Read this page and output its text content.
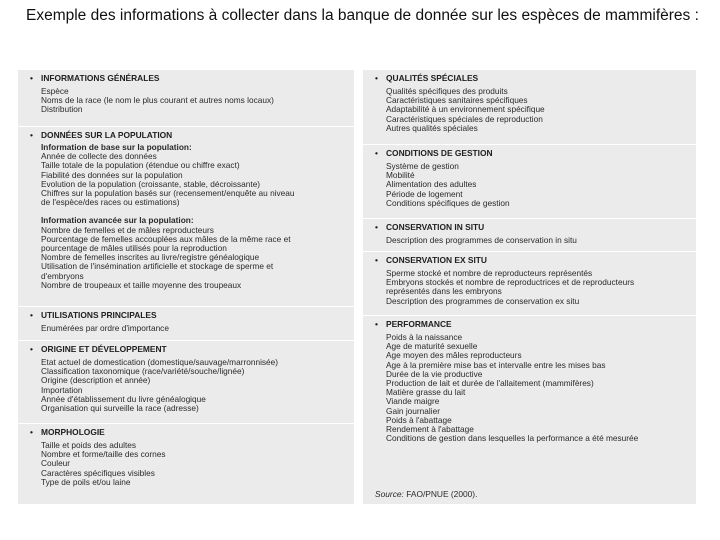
Exemple des informations à collecter dans la banque de donnée sur les espèces de mammifères :
• INFORMATIONS GÉNÉRALES
Espèce
Noms de la race (le nom le plus courant et autres noms locaux)
Distribution
• DONNÉES SUR LA POPULATION
Information de base sur la population:
Année de collecte des données
Taille totale de la population (étendue ou chiffre exact)
Fiabilité des données sur la population
Evolution de la population (croissante, stable, décroissante)
Chiffres sur la population basés sur (recensement/enquête au niveau
de l'espèce/des races ou estimations)
Information avancée sur la population:
Nombre de femelles et de mâles reproducteurs
Pourcentage de femelles accouplées aux mâles de la même race et
pourcentage de mâles utilisés pour la reproduction
Nombre de femelles inscrites au livre/registre généalogique
Utilisation de l'insémination artificielle et stockage de sperme et
d'embryons
Nombre de troupeaux et taille moyenne des troupeaux
• UTILISATIONS PRINCIPALES
Enumérées par ordre d'importance
• ORIGINE ET DÉVELOPPEMENT
Etat actuel de domestication (domestique/sauvage/marronnisée)
Classification taxonomique (race/variété/souche/lignée)
Origine (description et année)
Importation
Année d'établissement du livre généalogique
Organisation qui surveille la race (adresse)
• MORPHOLOGIE
Taille et poids des adultes
Nombre et forme/taille des cornes
Couleur
Caractères spécifiques visibles
Type de poils et/ou laine
• QUALITÉS SPÉCIALES
Qualités spécifiques des produits
Caractéristiques sanitaires spécifiques
Adaptabilité à un environnement spécifique
Caractéristiques spéciales de reproduction
Autres qualités spéciales
• CONDITIONS DE GESTION
Système de gestion
Mobilité
Alimentation des adultes
Période de logement
Conditions spécifiques de gestion
• CONSERVATION IN SITU
Description des programmes de conservation in situ
• CONSERVATION EX SITU
Sperme stocké et nombre de reproducteurs représentés
Embryons stockés et nombre de reproductrices et de reproducteurs
représentés dans les embryons
Description des programmes de conservation ex situ
• PERFORMANCE
Poids à la naissance
Age de maturité sexuelle
Age moyen des mâles reproducteurs
Age à la première mise bas et intervalle entre les mises bas
Durée de la vie productive
Production de lait et durée de l'allaitement (mammifères)
Matière grasse du lait
Viande maigre
Gain journalier
Poids à l'abattage
Rendement à l'abattage
Conditions de gestion dans lesquelles la performance a été mesurée
Source: FAO/PNUE (2000).
